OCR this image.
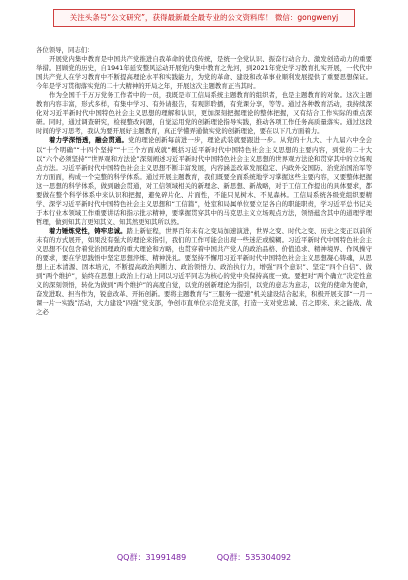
关注头条号“公文研究”，获得最新最全最专业的公文资料库！ 微信：gongwenyj

各位领导，同志们：

开展党内集中教育是中国共产党推进自我革命的优良传统，是统一全党认识、振奋行动合力、激发创造动力的重要举措。回顾党的历史，自1941年延安整风运动开展党内集中教育之先河，到2021年党史学习教育扎实开展，一代代中国共产党人在学习教育中不断提高理论水平和实践能力，为党的革命、建设和改革事业顺利发展提供了重要思想保证。今年是学习贯彻落实党的二十大精神的开局之年，开展这次主题教育正当其时。

作为全国千千万万党务工作者中的一员，我既是市工信局系统主题教育的组织者，也是主题教育的对象。这次主题教育内容丰富，形式多样，有集中学习、有外请报告，有观影聆播，有党课分享，等等。通过各种教育活动，我持续深化对习近平新时代中国特色社会主义思想的理解和认识，更加深刻把握理论的整体把握，又有结合工作实际的重点深研。同时，通过调查研究，检视整改问题，自觉运用党的创新理论指导实践，推动各项工作任务高质量落实。通过这段时间的学习思考，我认为要开展好主题教育，真正学懂弄通做实党的创新理论，要在以下几方面着力。

着力学深悟透，融会贯通。党的理论创新每前进一步，理论武装就要跟进一步。从党的十九大、十九届六中全会以“十个明确”“十四个坚持”“十三个方面成就”概括习近平新时代中国特色社会主义思想的主要内容，到党的二十大以“六个必须坚持”“世界观和方法论”深刻阐述习近平新时代中国特色社会主义思想的世界观方法论和贯穿其中的立场观点方法。习近平新时代中国特色社会主义思想不断丰富发展，内容涵盖改革发展稳定、内政外交国防、治党治国治军等方方面面，构成一个完整的科学体系。通过开展主题教育，我们既要全面系统地学习掌握这些主要内容，又要整体把握这一思想的科学体系，做到融会贯通，对工信领域相关的新理念、新思想、新战略，对于工信工作提出的具体要求，都要做在整个科学体系中来认识和把握，避免碎片化、片面性，不能只见树木、不见森林。工信局系统各级党组织要精学、深学习近平新时代中国特色社会主义思想和“工信篇”，处室和局属单位要立足各自的职能职责，学习近平总书记关于本行业本领域工作重要讲话和指示批示精神，要掌握贯穿其中的马克思主义立场观点方法，领悟蕴含其中的道理学理哲理，做到知其言更知其义、知其然更知其所以然。

着力锤炼党性，铸牢忠诚。踏上新征程，世界百年未有之变局加速演进，世界之变、时代之变、历史之变正以前所未有的方式展开，如果没有强大的理论来指引，我们的工作可能会出现一些迷茫或模糊。习近平新时代中国特色社会主义思想不仅包含着党治国理政的重大理论和方略，也贯穿着中国共产党人的政治品格、价值追求、精神境界、作风操守的要求，要在学思践悟中坚定思想淬炼、精神洗礼。要坚持不懈用习近平新时代中国特色社会主义思想凝心铸魂，从思想上正本清源、固本培元，不断提高政治判断力、政治领悟力、政治执行力，增强“四个意识”、坚定“四个自信”、做到“两个维护”，始终在思想上政治上行动上同以习近平同志为核心的党中央保持高度一致。要把对“两个确立”决定性意义的深刻领悟，转化为做到“两个维护”的高度自觉，以党的创新理论为指引，以党的意志为意志，以党的使命为使命，奋发进取、担当作为，锐意改革、开拓创新。要将主题教育与“三服务一提速”机关建设结合起来，积极开展支部“一月一课一片一实践”活动，大力建设“四强”党支部，争创市直单位示范党支部，打造一支对党忠诚、召之即来、来之能战、战之必

QQ群：31991489	QQ群：535304092
